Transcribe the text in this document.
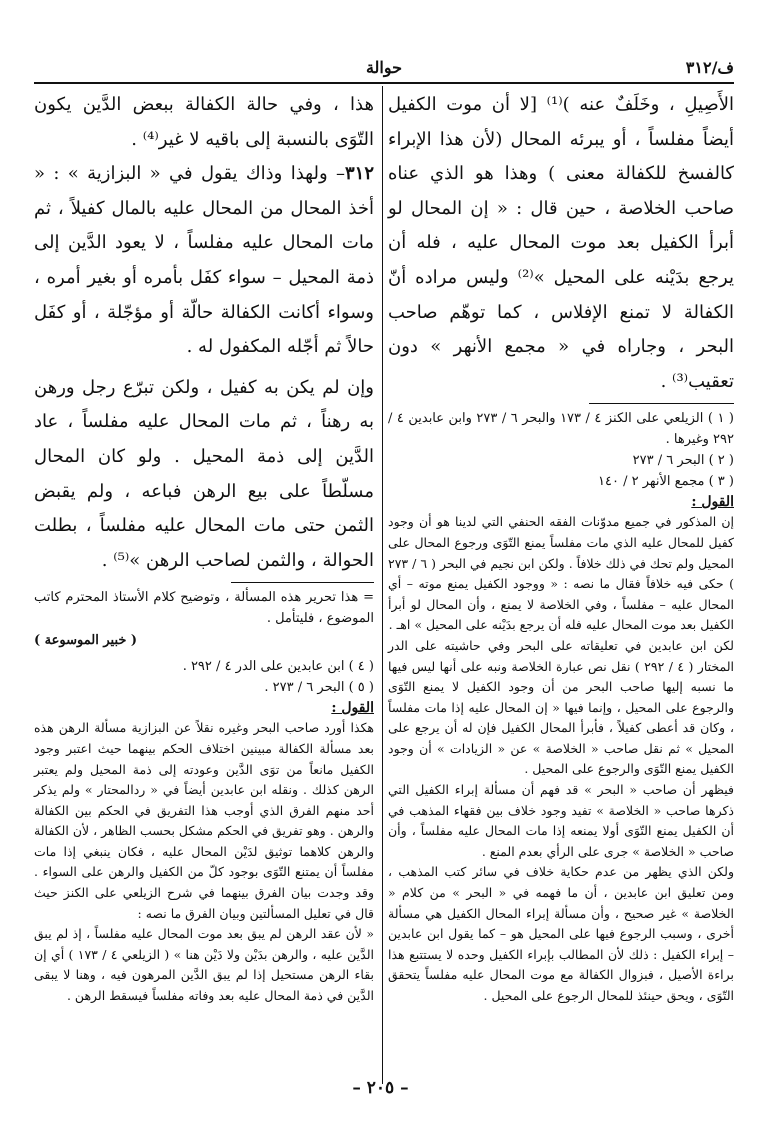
ف/٣١٢
حوالة

الأَصِيلِ ، وخَلَفٌ عنه )⁽¹⁾ [لا أن موت الكفيل أيضاً مفلساً ، أو يبرئه المحال (لأن هذا الإبراء كالفسخ للكفالة معنى ) وهذا هو الذي عناه صاحب الخلاصة ، حين قال : « إن المحال لو أبرأ الكفيل بعد موت المحال عليه ، فله أن يرجع بدَيْنه على المحيل »⁽²⁾ وليس مراده أنّ الكفالة لا تمنع الإفلاس ، كما توهّم صاحب البحر ، وجاراه في « مجمع الأنهر » دون تعقيب⁽³⁾ .

( ١ ) الزيلعي على الكنز ٤ / ١٧٣ والبحر ٦ / ٢٧٣ وابن عابدين ٤ / ٢٩٢ وغيرها .

( ٢ ) البحر ٦ / ٢٧٣

( ٣ ) مجمع الأنهر ٢ / ١٤٠

القول :

إن المذكور في جميع مدوّنات الفقه الحنفي التي لدينا هو أن وجود كفيل للمحال عليه الذي مات مفلساً يمنع التّوَى ورجوع المحال على المحيل ولم تحك في ذلك خلافاً . ولكن ابن نجيم في البحر ( ٦ / ٢٧٣ ) حكى فيه خلافاً فقال ما نصه : « ووجود الكفيل يمنع موته – أي المحال عليه – مفلساً ، وفي الخلاصة لا يمنع ، وأن المحال لو أبرأ الكفيل بعد موت المحال عليه فله أن يرجع بدَيْنه على المحيل » اهـ .

لكن ابن عابدين في تعليقاته على البحر وفي حاشيته على الدر المختار ( ٤ / ٢٩٢ ) نقل نص عبارة الخلاصة ونبه على أنها ليس فيها ما نسبه إليها صاحب البحر من أن وجود الكفيل لا يمنع التّوَى والرجوع على المحيل ، وإنما فيها « إن المحال عليه إذا مات مفلساً ، وكان قد أعطى كفيلاً ، فأبرأ المحال الكفيل فإن له أن يرجع على المحيل » ثم نقل صاحب « الخلاصة » عن « الزيادات » أن وجود الكفيل يمنع التّوَى والرجوع على المحيل .

فيظهر أن صاحب « البحر » قد فهم أن مسألة إبراء الكفيل التي ذكرها صاحب « الخلاصة » تفيد وجود خلاف بين فقهاء المذهب في أن الكفيل يمنع التّوَى أولا يمنعه إذا مات المحال عليه مفلساً ، وأن صاحب « الخلاصة » جرى على الرأي بعدم المنع .

ولكن الذي يظهر من عدم حكاية خلاف في سائر كتب المذهب ، ومن تعليق ابن عابدين ، أن ما فهمه في « البحر » من كلام « الخلاصة » غير صحيح ، وأن مسألة إبراء المحال الكفيل هي مسألة أخرى ، وسبب الرجوع فيها على المحيل هو – كما يقول ابن عابدين – إبراء الكفيل : ذلك لأن المطالب بإبراء الكفيل وحده لا يستتبع هذا براءة الأصيل ، فبزوال الكفالة مع موت المحال عليه مفلساً يتحقق التّوَى ، ويحق حينئذ للمحال الرجوع على المحيل .

هذا ، وفي حالة الكفالة ببعض الدَّين يكون التّوَى بالنسبة إلى باقيه لا غير⁽⁴⁾ .

٣١٢– ولهذا وذاك يقول في « البزازية » : « أخذ المحال من المحال عليه بالمال كفيلاً ، ثم مات المحال عليه مفلساً ، لا يعود الدَّين إلى ذمة المحيل – سواء كفَل بأمره أو بغير أمره ، وسواء أكانت الكفالة حالّة أو مؤجّلة ، أو كفَل حالاً ثم أجّله المكفول له .

وإن لم يكن به كفيل ، ولكن تبرّع رجل ورهن به رهناً ، ثم مات المحال عليه مفلساً ، عاد الدَّين إلى ذمة المحيل . ولو كان المحال مسلّطاً على بيع الرهن فباعه ، ولم يقبض الثمن حتى مات المحال عليه مفلساً ، بطلت الحوالة ، والثمن لصاحب الرهن »⁽⁵⁾ .

= هذا تحرير هذه المسألة ، وتوضيح كلام الأستاذ المحترم كاتب الموضوع ، فليتأمل .

( خبير الموسوعة )

( ٤ ) ابن عابدين على الدر ٤ / ٢٩٢ .

( ٥ ) البحر ٦ / ٢٧٣ .

القول :

هكذا أورد صاحب البحر وغيره نقلاً عن البزازية مسألة الرهن هذه بعد مسألة الكفالة مبينين اختلاف الحكم بينهما حيث اعتبر وجود الكفيل مانعاً من توَى الدَّين وعودته إلى ذمة المحيل ولم يعتبر الرهن كذلك . ونقله ابن عابدين أيضاً في « ردالمحتار » ولم يذكر أحد منهم الفرق الذي أوجب هذا التفريق في الحكم بين الكفالة والرهن . وهو تفريق في الحكم مشكل بحسب الظاهر ، لأن الكفالة والرهن كلاهما توثيق لدَيْن المحال عليه ، فكان ينبغي إذا مات مفلساً أن يمتنع التّوَى بوجود كلّ من الكفيل والرهن على السواء . وقد وجدت بيان الفرق بينهما في شرح الزيلعي على الكنز حيث قال في تعليل المسألتين وبيان الفرق ما نصه :

« لأن عقد الرهن لم يبق بعد موت المحال عليه مفلساً ، إذ لم يبق الدَّين عليه ، والرهن بدَيْن ولا دَيْن هنا » ( الزيلعي ٤ / ١٧٣ ) أي إن بقاء الرهن مستحيل إذا لم يبق الدَّين المرهون فيه ، وهنا لا يبقى الدَّين في ذمة المحال عليه بعد وفاته مفلساً فيسقط الرهن .

– ٢٠٥ –
